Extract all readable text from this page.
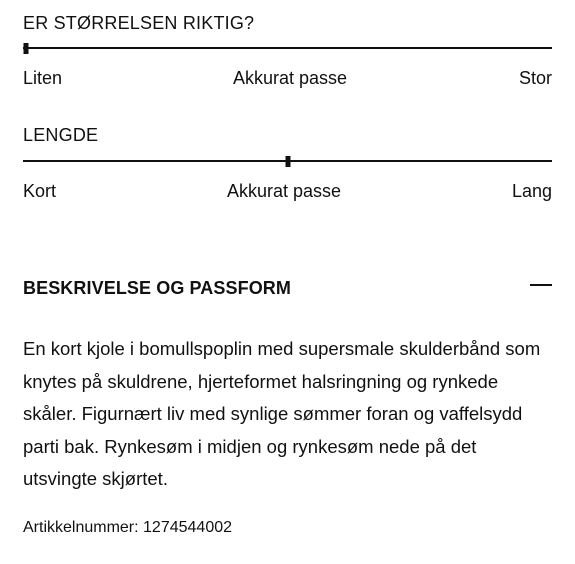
ER STØRRELSEN RIKTIG?
Liten	Akkurat passe	Stor
LENGDE
Kort	Akkurat passe	Lang
BESKRIVELSE OG PASSFORM

En kort kjole i bomullspoplin med supersmale skulderbånd som knytes på skuldrene, hjerteformet halsringning og rynkede skåler. Figurnært liv med synlige sømmer foran og vaffelsydd parti bak. Rynkesøm i midjen og rynkesøm nede på det utsvingte skjørtet.

Artikkelnummer: 1274544002
